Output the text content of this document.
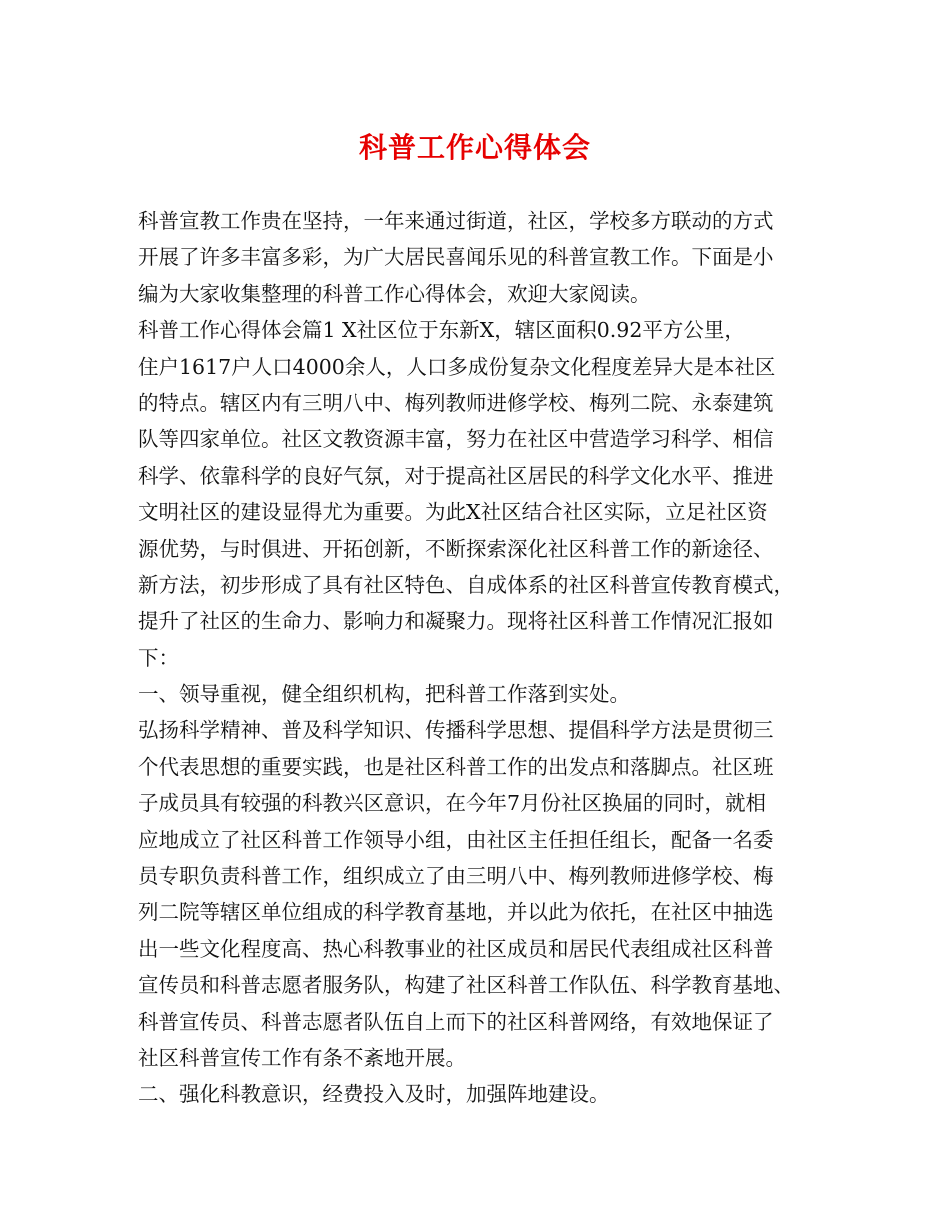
科普工作心得体会
科普宣教工作贵在坚持，一年来通过街道，社区，学校多方联动的方式
开展了许多丰富多彩，为广大居民喜闻乐见的科普宣教工作。下面是小
编为大家收集整理的科普工作心得体会，欢迎大家阅读。
科普工作心得体会篇1 X社区位于东新X，辖区面积0.92平方公里，
住户1617户人口4000余人，人口多成份复杂文化程度差异大是本社区
的特点。辖区内有三明八中、梅列教师进修学校、梅列二院、永泰建筑
队等四家单位。社区文教资源丰富，努力在社区中营造学习科学、相信
科学、依靠科学的良好气氛，对于提高社区居民的科学文化水平、推进
文明社区的建设显得尤为重要。为此X社区结合社区实际，立足社区资
源优势，与时俱进、开拓创新，不断探索深化社区科普工作的新途径、
新方法，初步形成了具有社区特色、自成体系的社区科普宣传教育模式，
提升了社区的生命力、影响力和凝聚力。现将社区科普工作情况汇报如
下：
一、领导重视，健全组织机构，把科普工作落到实处。
弘扬科学精神、普及科学知识、传播科学思想、提倡科学方法是贯彻三
个代表思想的重要实践，也是社区科普工作的出发点和落脚点。社区班
子成员具有较强的科教兴区意识，在今年7月份社区换届的同时，就相
应地成立了社区科普工作领导小组，由社区主任担任组长，配备一名委
员专职负责科普工作，组织成立了由三明八中、梅列教师进修学校、梅
列二院等辖区单位组成的科学教育基地，并以此为依托，在社区中抽选
出一些文化程度高、热心科教事业的社区成员和居民代表组成社区科普
宣传员和科普志愿者服务队，构建了社区科普工作队伍、科学教育基地、
科普宣传员、科普志愿者队伍自上而下的社区科普网络，有效地保证了
社区科普宣传工作有条不紊地开展。
二、强化科教意识，经费投入及时，加强阵地建设。
